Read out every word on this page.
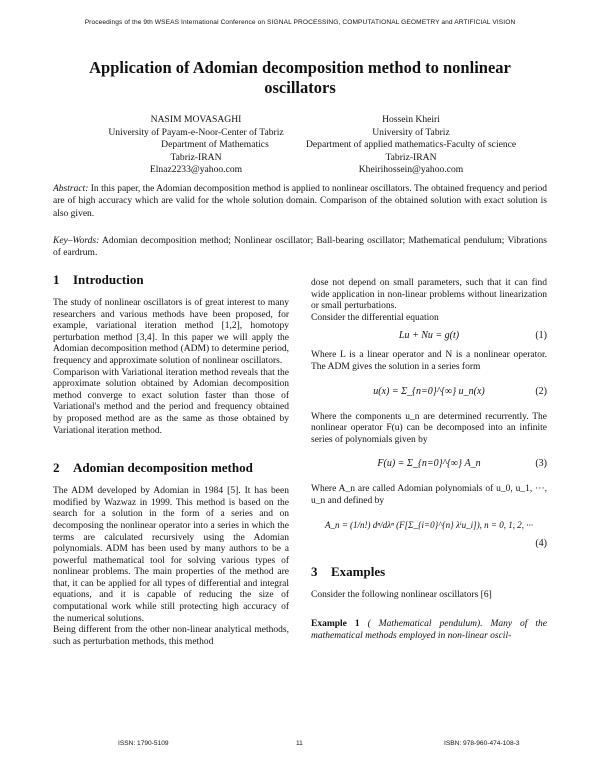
Proceedings of the 9th WSEAS International Conference on SIGNAL PROCESSING, COMPUTATIONAL GEOMETRY and ARTIFICIAL VISION
Application of Adomian decomposition method to nonlinear oscillators
NASIM MOVASAGHI
University of Payam-e-Noor-Center of Tabriz
Department of Mathematics
Tabriz-IRAN
Elnaz2233@yahoo.com
Hossein Kheiri
University of Tabriz
Department of applied mathematics-Faculty of science
Tabriz-IRAN
Kheirihossein@yahoo.com
Abstract: In this paper, the Adomian decomposition method is applied to nonlinear oscillators. The obtained frequency and period are of high accuracy which are valid for the whole solution domain. Comparison of the obtained solution with exact solution is also given.
Key–Words: Adomian decomposition method; Nonlinear oscillator; Ball-bearing oscillator; Mathematical pendulum; Vibrations of eardrum.
1 Introduction

The study of nonlinear oscillators is of great interest to many researchers and various methods have been proposed, for example, variational iteration method [1,2], homotopy perturbation method [3,4]. In this paper we will apply the Adomian decomposition method (ADM) to determine period, frequency and approximate solution of nonlinear oscillators.

Comparison with Variational iteration method reveals that the approximate solution obtained by Adomian decomposition method converge to exact solution faster than those of Variational's method and the period and frequency obtained by proposed method are as the same as those obtained by Variational iteration method.

2 Adomian decomposition method

The ADM developed by Adomian in 1984 [5]. It has been modified by Wazwaz in 1999. This method is based on the search for a solution in the form of a series and on decomposing the nonlinear operator into a series in which the terms are calculated recursively using the Adomian polynomials. ADM has been used by many authors to be a powerful mathematical tool for solving various types of nonlinear problems. The main properties of the method are that, it can be applied for all types of differential and integral equations, and it is capable of reducing the size of computational work while still protecting high accuracy of the numerical solutions.

Being different from the other non-linear analytical methods, such as perturbation methods, this method

dose not depend on small parameters, such that it can find wide application in non-linear problems without linearization or small perturbations.

Consider the differential equation

Lu + Nu = g(t)	(1)

Where L is a linear operator and N is a nonlinear operator. The ADM gives the solution in a series form

u(x) = Σ_{n=0}^{∞} u_n(x)	(2)

Where the components u_n are determined recurrently. The nonlinear operator F(u) can be decomposed into an infinite series of polynomials given by

F(u) = Σ_{n=0}^{∞} A_n	(3)

Where A_n are called Adomian polynomials of u_0, u_1, ···, u_n and defined by

A_n = (1/n!) dⁿ/dλⁿ (F[Σ_{i=0}^{n} λⁱu_i]), n = 0, 1, 2, ···
(4)
3 Examples

Consider the following nonlinear oscillators [6]

Example 1 ( Mathematical pendulum). Many of the mathematical methods employed in non-linear oscil-

ISSN: 1790-5109	11	ISBN: 978-960-474-108-3
